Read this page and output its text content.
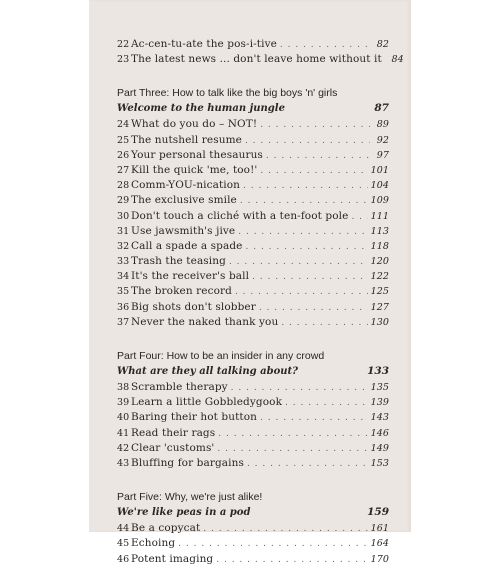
22 Ac-cen-tu-ate the pos-i-tive . . .	82
23 The latest news ... don't leave home without it	84
Part Three: How to talk like the big boys 'n' girls
Welcome to the human jungle	87
24 What do you do – NOT! . . .	89
25 The nutshell resume . . .	92
26 Your personal thesaurus . . .	97
27 Kill the quick 'me, too!' . . .	101
28 Comm-YOU-nication . . .	104
29 The exclusive smile . . .	109
30 Don't touch a cliché with a ten-foot pole . . . 111
31 Use jawsmith's jive . . .	113
32 Call a spade a spade . . .	118
33 Trash the teasing . . .	120
34 It's the receiver's ball . . .	122
35 The broken record . . .	125
36 Big shots don't slobber . . .	127
37 Never the naked thank you . . .	130
Part Four: How to be an insider in any crowd
What are they all talking about?	133
38 Scramble therapy . . .	135
39 Learn a little Gobbledygook . . .	139
40 Baring their hot button . . .	143
41 Read their rags . . .	146
42 Clear 'customs' . . .	149
43 Bluffing for bargains . . .	153
Part Five: Why, we're just alike!
We're like peas in a pod	159
44 Be a copycat . . .	161
45 Echoing . . .	164
46 Potent imaging . . .	170
